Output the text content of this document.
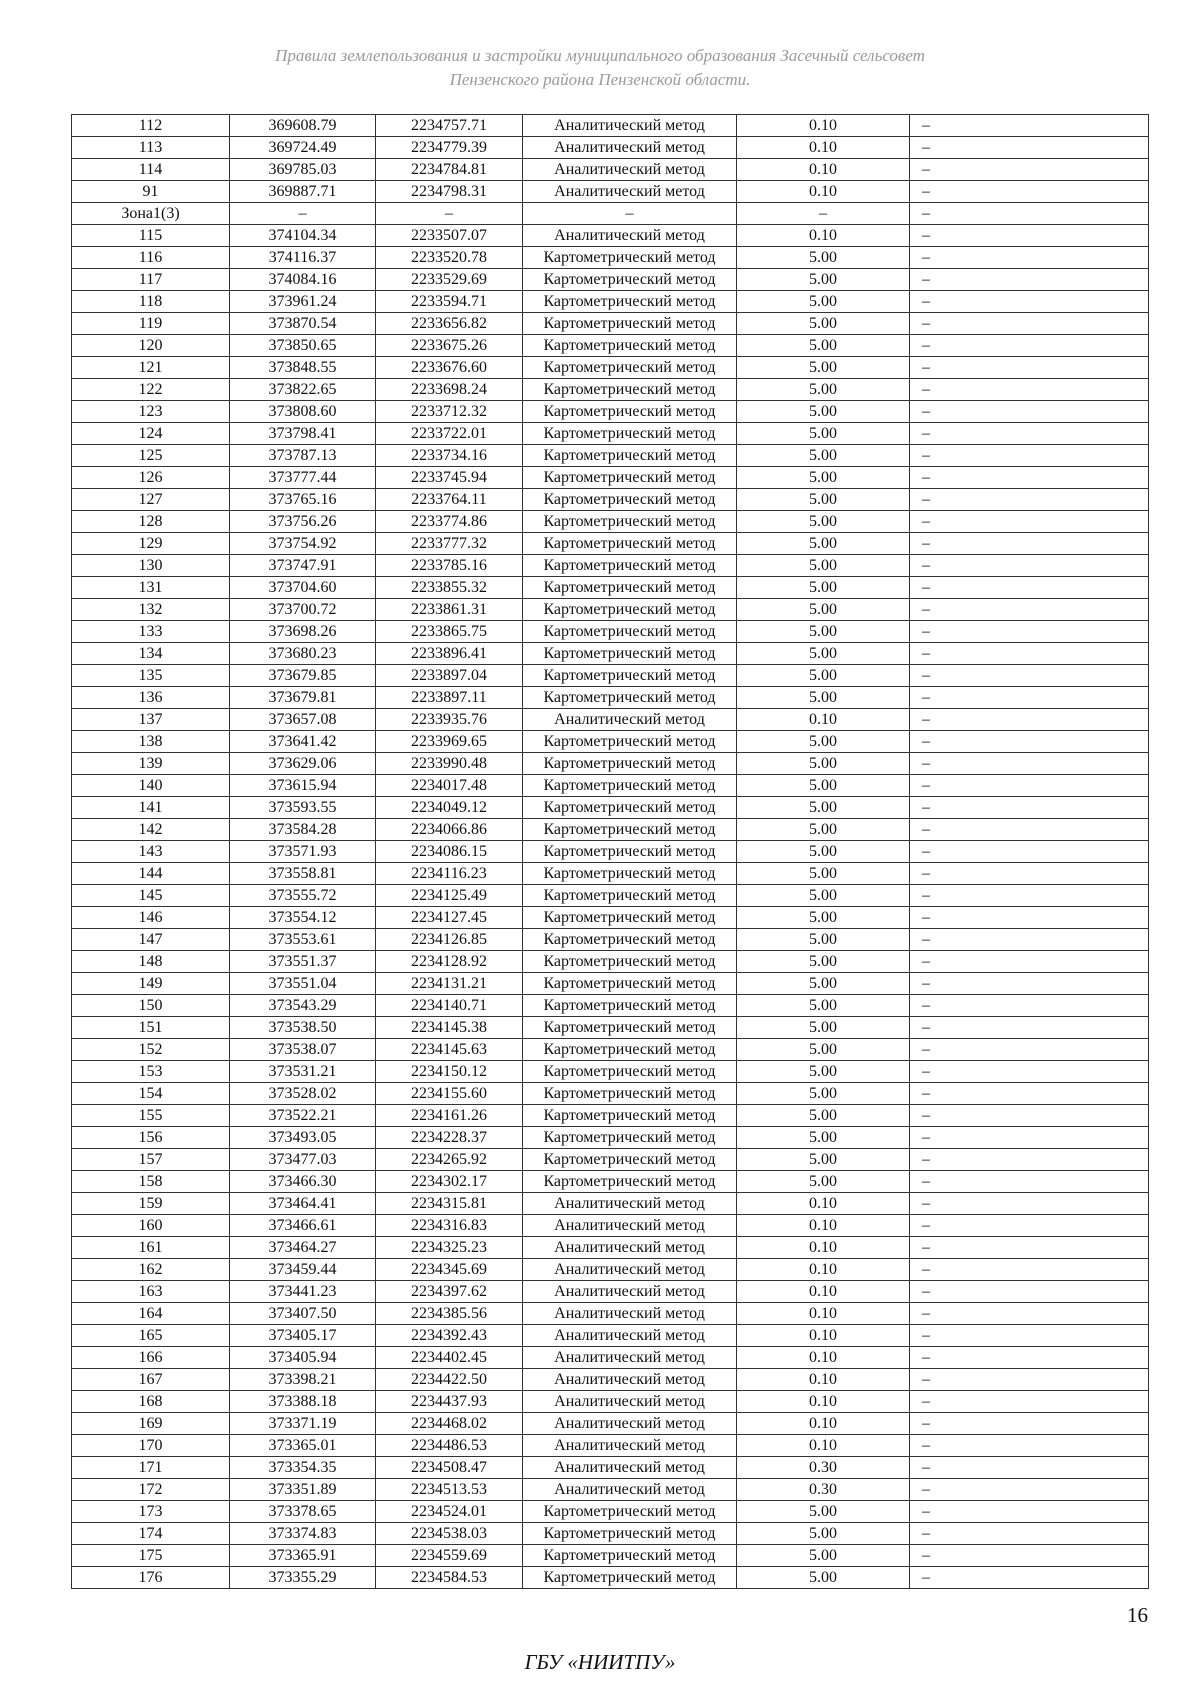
Правила землепользования и застройки муниципального образования Засечный сельсовет
Пензенского района Пензенской области.
112	369608.79	2234757.71	Аналитический метод	0.10	–
113	369724.49	2234779.39	Аналитический метод	0.10	–
114	369785.03	2234784.81	Аналитический метод	0.10	–
91	369887.71	2234798.31	Аналитический метод	0.10	–
Зона1(3)	–	–	–	–	–
115	374104.34	2233507.07	Аналитический метод	0.10	–
116	374116.37	2233520.78	Картометрический метод	5.00	–
117	374084.16	2233529.69	Картометрический метод	5.00	–
118	373961.24	2233594.71	Картометрический метод	5.00	–
119	373870.54	2233656.82	Картометрический метод	5.00	–
120	373850.65	2233675.26	Картометрический метод	5.00	–
121	373848.55	2233676.60	Картометрический метод	5.00	–
122	373822.65	2233698.24	Картометрический метод	5.00	–
123	373808.60	2233712.32	Картометрический метод	5.00	–
124	373798.41	2233722.01	Картометрический метод	5.00	–
125	373787.13	2233734.16	Картометрический метод	5.00	–
126	373777.44	2233745.94	Картометрический метод	5.00	–
127	373765.16	2233764.11	Картометрический метод	5.00	–
128	373756.26	2233774.86	Картометрический метод	5.00	–
129	373754.92	2233777.32	Картометрический метод	5.00	–
130	373747.91	2233785.16	Картометрический метод	5.00	–
131	373704.60	2233855.32	Картометрический метод	5.00	–
132	373700.72	2233861.31	Картометрический метод	5.00	–
133	373698.26	2233865.75	Картометрический метод	5.00	–
134	373680.23	2233896.41	Картометрический метод	5.00	–
135	373679.85	2233897.04	Картометрический метод	5.00	–
136	373679.81	2233897.11	Картометрический метод	5.00	–
137	373657.08	2233935.76	Аналитический метод	0.10	–
138	373641.42	2233969.65	Картометрический метод	5.00	–
139	373629.06	2233990.48	Картометрический метод	5.00	–
140	373615.94	2234017.48	Картометрический метод	5.00	–
141	373593.55	2234049.12	Картометрический метод	5.00	–
142	373584.28	2234066.86	Картометрический метод	5.00	–
143	373571.93	2234086.15	Картометрический метод	5.00	–
144	373558.81	2234116.23	Картометрический метод	5.00	–
145	373555.72	2234125.49	Картометрический метод	5.00	–
146	373554.12	2234127.45	Картометрический метод	5.00	–
147	373553.61	2234126.85	Картометрический метод	5.00	–
148	373551.37	2234128.92	Картометрический метод	5.00	–
149	373551.04	2234131.21	Картометрический метод	5.00	–
150	373543.29	2234140.71	Картометрический метод	5.00	–
151	373538.50	2234145.38	Картометрический метод	5.00	–
152	373538.07	2234145.63	Картометрический метод	5.00	–
153	373531.21	2234150.12	Картометрический метод	5.00	–
154	373528.02	2234155.60	Картометрический метод	5.00	–
155	373522.21	2234161.26	Картометрический метод	5.00	–
156	373493.05	2234228.37	Картометрический метод	5.00	–
157	373477.03	2234265.92	Картометрический метод	5.00	–
158	373466.30	2234302.17	Картометрический метод	5.00	–
159	373464.41	2234315.81	Аналитический метод	0.10	–
160	373466.61	2234316.83	Аналитический метод	0.10	–
161	373464.27	2234325.23	Аналитический метод	0.10	–
162	373459.44	2234345.69	Аналитический метод	0.10	–
163	373441.23	2234397.62	Аналитический метод	0.10	–
164	373407.50	2234385.56	Аналитический метод	0.10	–
165	373405.17	2234392.43	Аналитический метод	0.10	–
166	373405.94	2234402.45	Аналитический метод	0.10	–
167	373398.21	2234422.50	Аналитический метод	0.10	–
168	373388.18	2234437.93	Аналитический метод	0.10	–
169	373371.19	2234468.02	Аналитический метод	0.10	–
170	373365.01	2234486.53	Аналитический метод	0.10	–
171	373354.35	2234508.47	Аналитический метод	0.30	–
172	373351.89	2234513.53	Аналитический метод	0.30	–
173	373378.65	2234524.01	Картометрический метод	5.00	–
174	373374.83	2234538.03	Картометрический метод	5.00	–
175	373365.91	2234559.69	Картометрический метод	5.00	–
176	373355.29	2234584.53	Картометрический метод	5.00	–
16
ГБУ «НИИТПУ»
